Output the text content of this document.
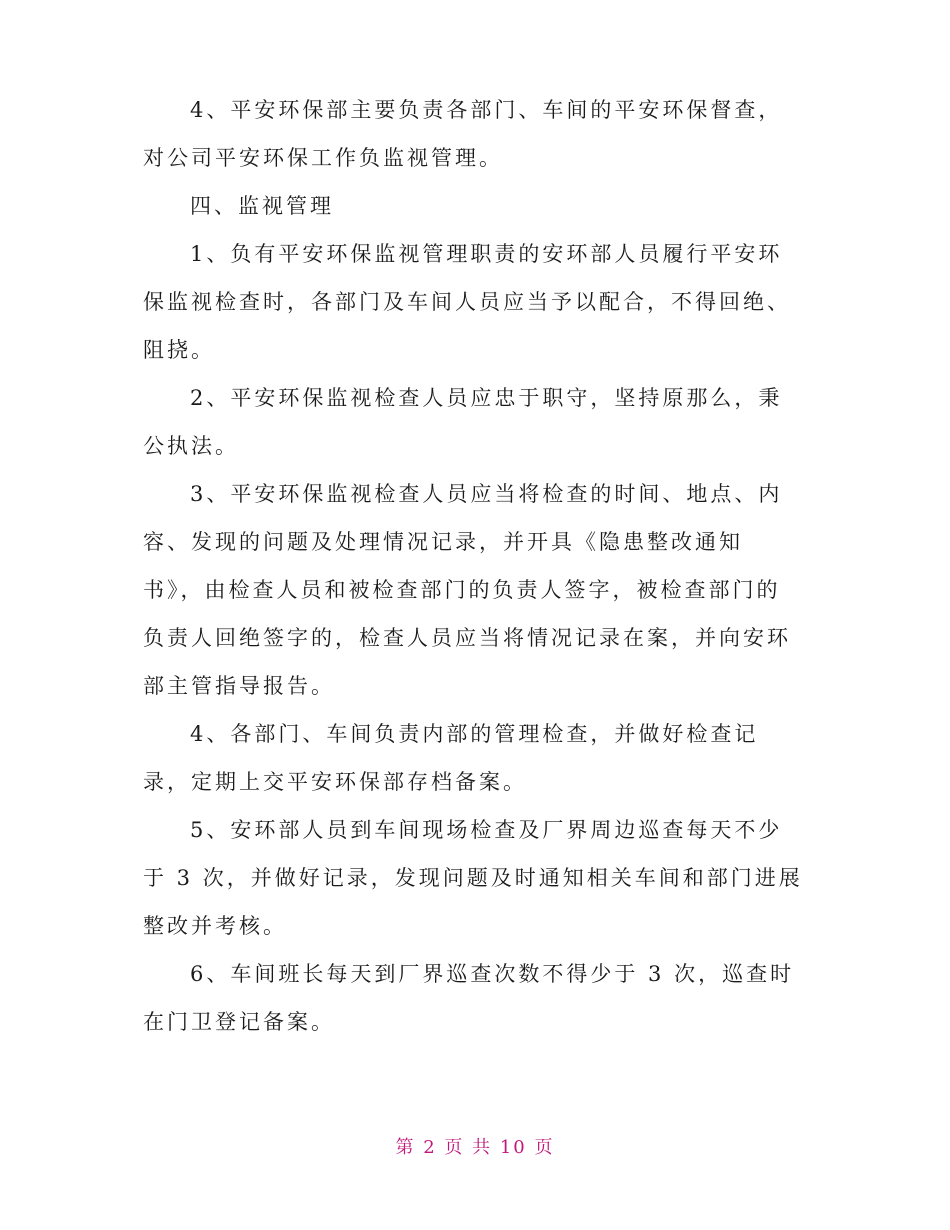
4、平安环保部主要负责各部门、车间的平安环保督查，
对公司平安环保工作负监视管理。
四、监视管理
1、负有平安环保监视管理职责的安环部人员履行平安环
保监视检查时，各部门及车间人员应当予以配合，不得回绝、
阻挠。
2、平安环保监视检查人员应忠于职守，坚持原那么，秉
公执法。
3、平安环保监视检查人员应当将检查的时间、地点、内
容、发现的问题及处理情况记录，并开具《隐患整改通知
书》，由检查人员和被检查部门的负责人签字，被检查部门的
负责人回绝签字的，检查人员应当将情况记录在案，并向安环
部主管指导报告。
4、各部门、车间负责内部的管理检查，并做好检查记
录，定期上交平安环保部存档备案。
5、安环部人员到车间现场检查及厂界周边巡查每天不少
于 3 次，并做好记录，发现问题及时通知相关车间和部门进展
整改并考核。
6、车间班长每天到厂界巡查次数不得少于 3 次，巡查时
在门卫登记备案。
第 2 页 共 10 页
